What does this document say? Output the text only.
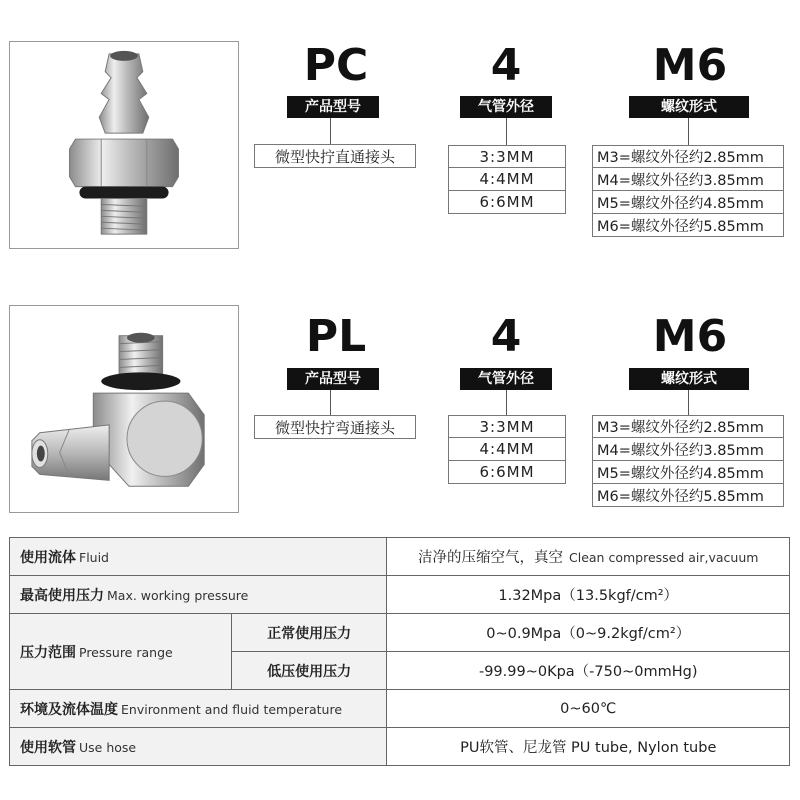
PC
产品型号
微型快拧直通接头
4
气管外径
3:3MM
4:4MM
6:6MM
M6
螺纹形式
M3=螺纹外径约2.85mm
M4=螺纹外径约3.85mm
M5=螺纹外径约4.85mm
M6=螺纹外径约5.85mm
PL
产品型号
微型快拧弯通接头
4
气管外径
3:3MM
4:4MM
6:6MM
M6
螺纹形式
M3=螺纹外径约2.85mm
M4=螺纹外径约3.85mm
M5=螺纹外径约4.85mm
M6=螺纹外径约5.85mm
使用流体 Fluid		洁净的压缩空气，真空 Clean compressed air,vacuum
最高使用压力 Max. working pressure		1.32Mpa（13.5kgf/cm²）
压力范围 Pressure range	正常使用压力	0~0.9Mpa（0~9.2kgf/cm²）
	低压使用压力	-99.99~0Kpa（-750~0mmHg)
环境及流体温度 Environment and fluid temperature		0~60℃
使用软管 Use hose		PU软管、尼龙管 PU tube, Nylon tube
